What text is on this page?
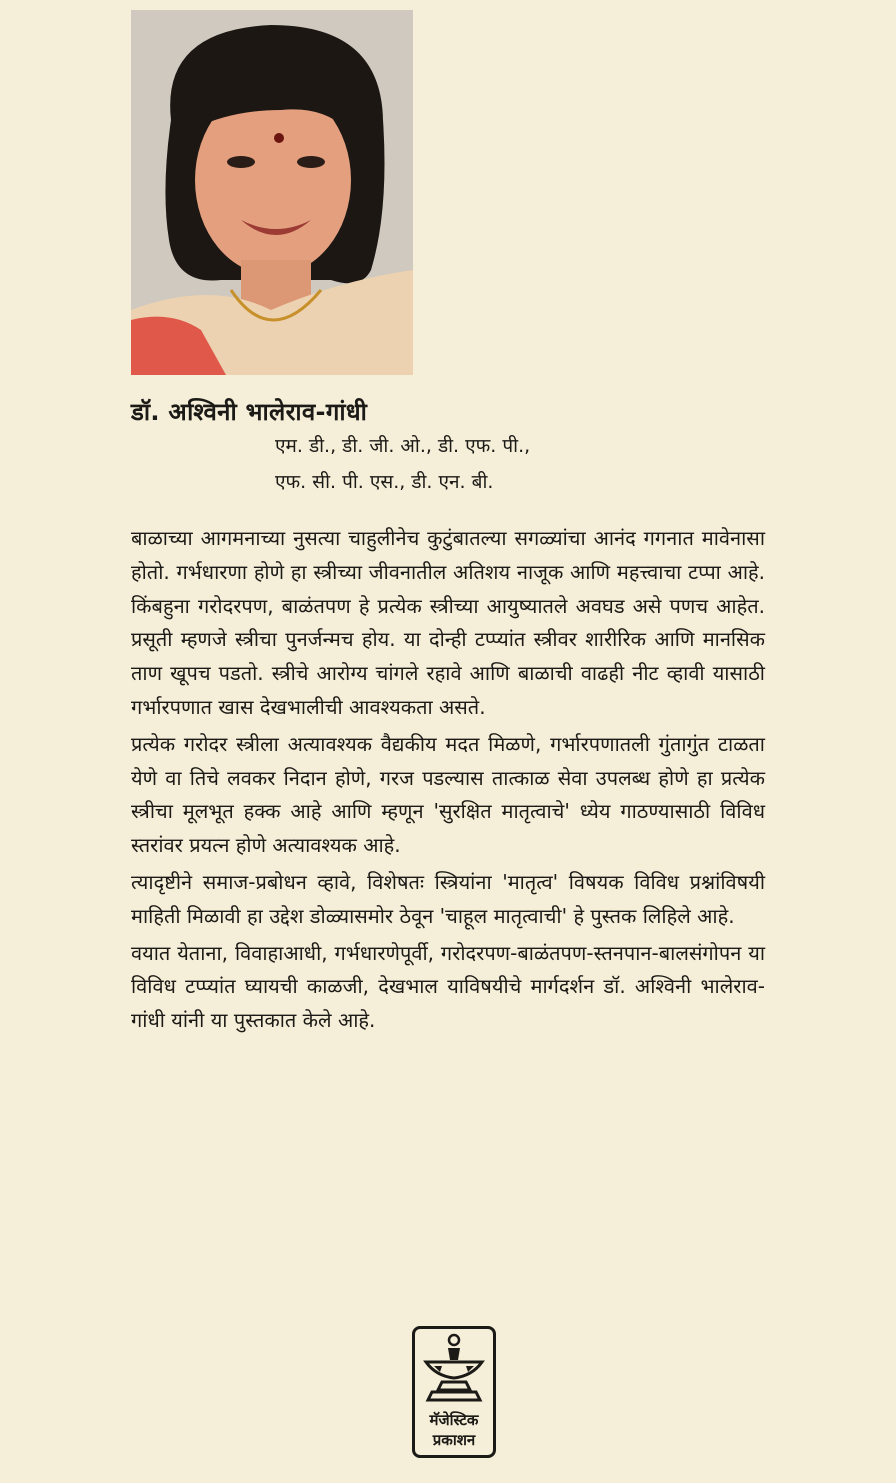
डॉ. अश्विनी भालेराव-गांधी
एम. डी., डी. जी. ओ., डी. एफ. पी.,
एफ. सी. पी. एस., डी. एन. बी.

बाळाच्या आगमनाच्या नुसत्या चाहुलीनेच कुटुंबातल्या सगळ्यांचा आनंद गगनात मावेनासा होतो. गर्भधारणा होणे हा स्त्रीच्या जीवनातील अतिशय नाजूक आणि महत्त्वाचा टप्पा आहे. किंबहुना गरोदरपण, बाळंतपण हे प्रत्येक स्त्रीच्या आयुष्यातले अवघड असे पणच आहेत. प्रसूती म्हणजे स्त्रीचा पुनर्जन्मच होय. या दोन्ही टप्प्यांत स्त्रीवर शारीरिक आणि मानसिक ताण खूपच पडतो. स्त्रीचे आरोग्य चांगले रहावे आणि बाळाची वाढही नीट व्हावी यासाठी गर्भारपणात खास देखभालीची आवश्यकता असते.

प्रत्येक गरोदर स्त्रीला अत्यावश्यक वैद्यकीय मदत मिळणे, गर्भारपणातली गुंतागुंत टाळता येणे वा तिचे लवकर निदान होणे, गरज पडल्यास तात्काळ सेवा उपलब्ध होणे हा प्रत्येक स्त्रीचा मूलभूत हक्क आहे आणि म्हणून 'सुरक्षित मातृत्वाचे' ध्येय गाठण्यासाठी विविध स्तरांवर प्रयत्न होणे अत्यावश्यक आहे.

त्यादृष्टीने समाज-प्रबोधन व्हावे, विशेषतः स्त्रियांना 'मातृत्व' विषयक विविध प्रश्नांविषयी माहिती मिळावी हा उद्देश डोळ्यासमोर ठेवून 'चाहूल मातृत्वाची' हे पुस्तक लिहिले आहे.

वयात येताना, विवाहाआधी, गर्भधारणेपूर्वी, गरोदरपण-बाळंतपण-स्तनपान-बालसंगोपन या विविध टप्प्यांत घ्यायची काळजी, देखभाल याविषयीचे मार्गदर्शन डॉ. अश्विनी भालेराव-गांधी यांनी या पुस्तकात केले आहे.

मॅजेस्टिक
प्रकाशन
